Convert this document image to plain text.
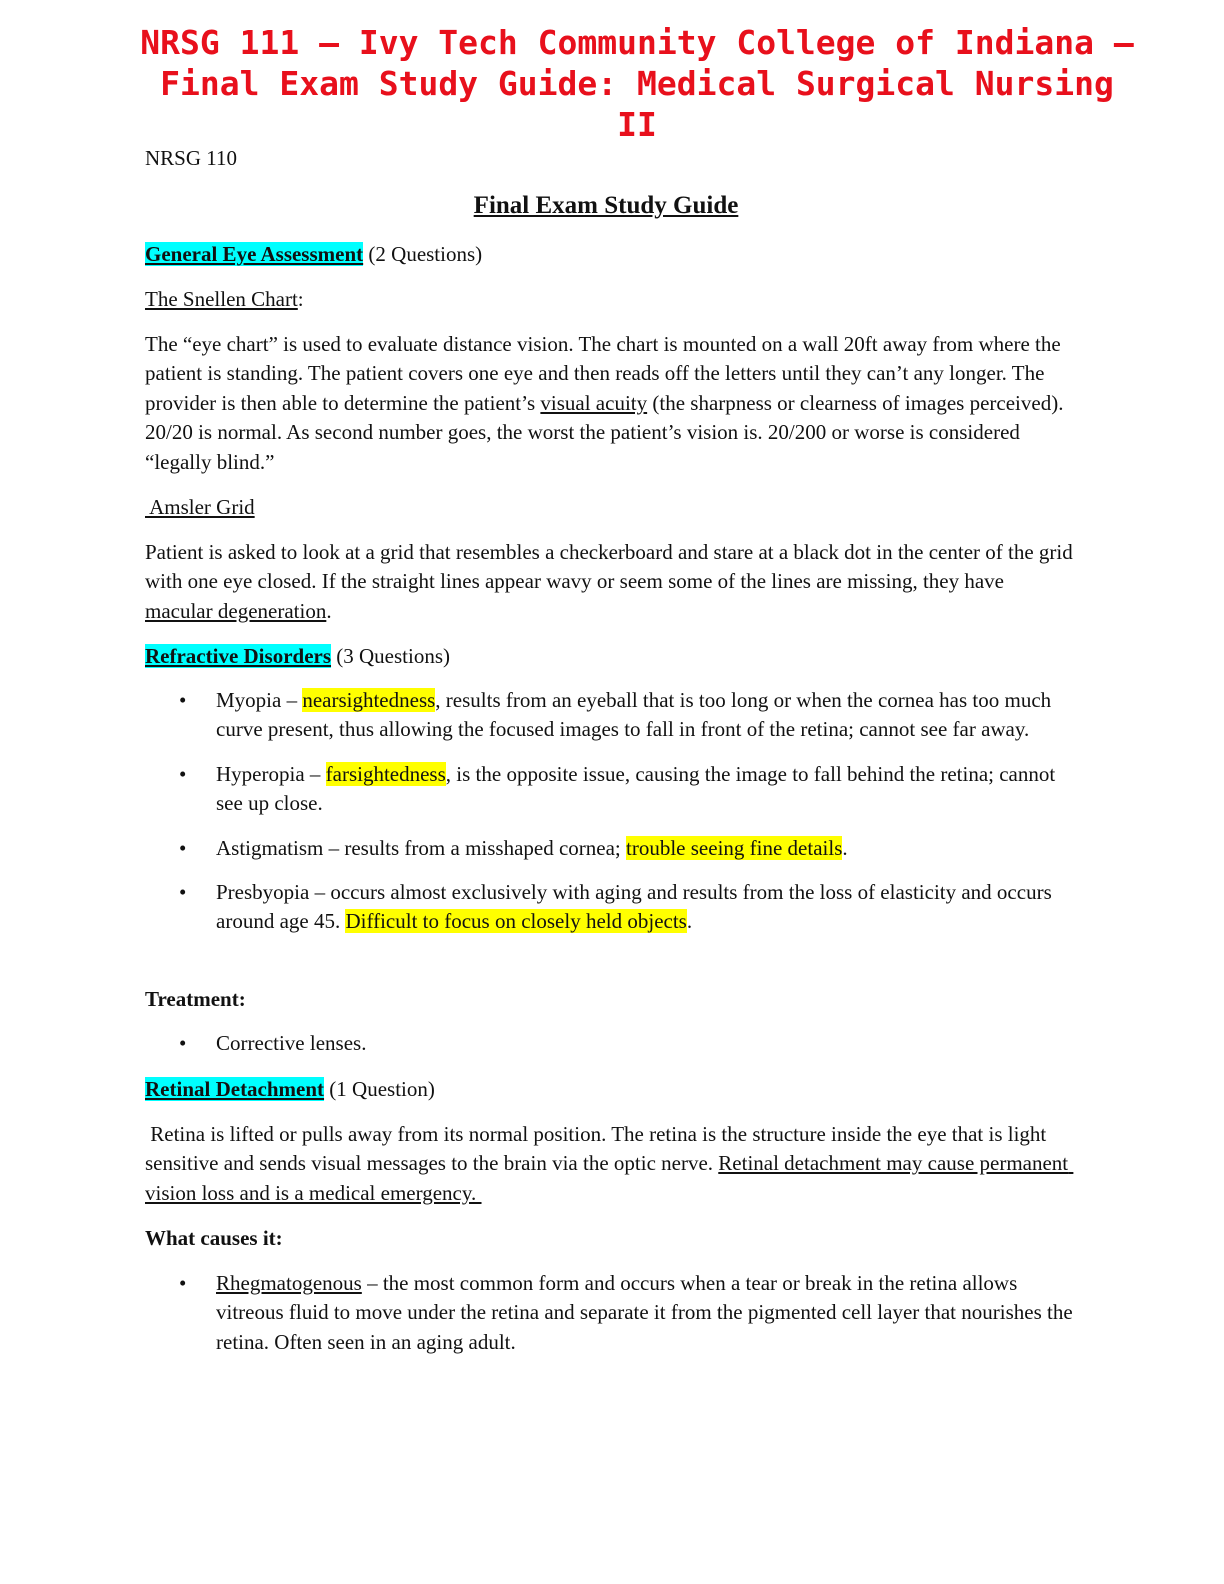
NRSG 111 – Ivy Tech Community College of Indiana –
Final Exam Study Guide: Medical Surgical Nursing
II
NRSG 110
Final Exam Study Guide
General Eye Assessment (2 Questions)
The Snellen Chart:
The “eye chart” is used to evaluate distance vision. The chart is mounted on a wall 20ft away from where the patient is standing. The patient covers one eye and then reads off the letters until they can’t any longer. The provider is then able to determine the patient’s visual acuity (the sharpness or clearness of images perceived). 20/20 is normal. As second number goes, the worst the patient’s vision is. 20/200 or worse is considered “legally blind.”
Amsler Grid
Patient is asked to look at a grid that resembles a checkerboard and stare at a black dot in the center of the grid with one eye closed. If the straight lines appear wavy or seem some of the lines are missing, they have macular degeneration.
Refractive Disorders (3 Questions)
• Myopia – nearsightedness, results from an eyeball that is too long or when the cornea has too much curve present, thus allowing the focused images to fall in front of the retina; cannot see far away.
• Hyperopia – farsightedness, is the opposite issue, causing the image to fall behind the retina; cannot see up close.
• Astigmatism – results from a misshaped cornea; trouble seeing fine details.
• Presbyopia – occurs almost exclusively with aging and results from the loss of elasticity and occurs around age 45. Difficult to focus on closely held objects.
Treatment:
• Corrective lenses.
Retinal Detachment (1 Question)
Retina is lifted or pulls away from its normal position. The retina is the structure inside the eye that is light sensitive and sends visual messages to the brain via the optic nerve. Retinal detachment may cause permanent vision loss and is a medical emergency.
What causes it:
• Rhegmatogenous – the most common form and occurs when a tear or break in the retina allows vitreous fluid to move under the retina and separate it from the pigmented cell layer that nourishes the retina. Often seen in an aging adult.
